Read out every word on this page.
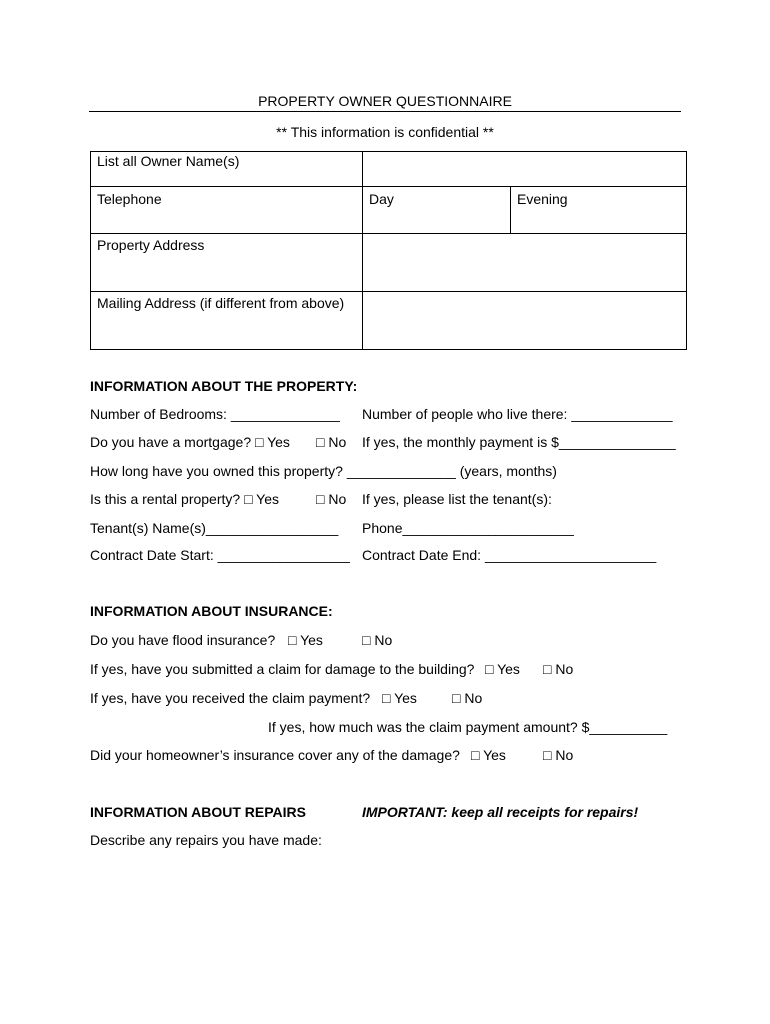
PROPERTY OWNER QUESTIONNAIRE
** This information is confidential **
List all Owner Name(s)		
Telephone	Day	Evening
Property Address		
Mailing Address (if different from above)		
INFORMATION ABOUT THE PROPERTY:
Number of Bedrooms: ______________ Number of people who live there: _____________
Do you have a mortgage? □ Yes □ No If yes, the monthly payment is $_______________
How long have you owned this property? ______________ (years, months)
Is this a rental property? □ Yes	□ No If yes, please list the tenant(s):
Tenant(s) Name(s)_________________ Phone______________________
Contract Date Start: _________________ Contract Date End: ______________________
INFORMATION ABOUT INSURANCE:
Do you have flood insurance? □ Yes	□ No
If yes, have you submitted a claim for damage to the building? □ Yes □ No
If yes, have you received the claim payment? □ Yes	□ No
If yes, how much was the claim payment amount? $__________
Did your homeowner’s insurance cover any of the damage? □ Yes	□ No
INFORMATION ABOUT REPAIRS	IMPORTANT: keep all receipts for repairs!
Describe any repairs you have made:
